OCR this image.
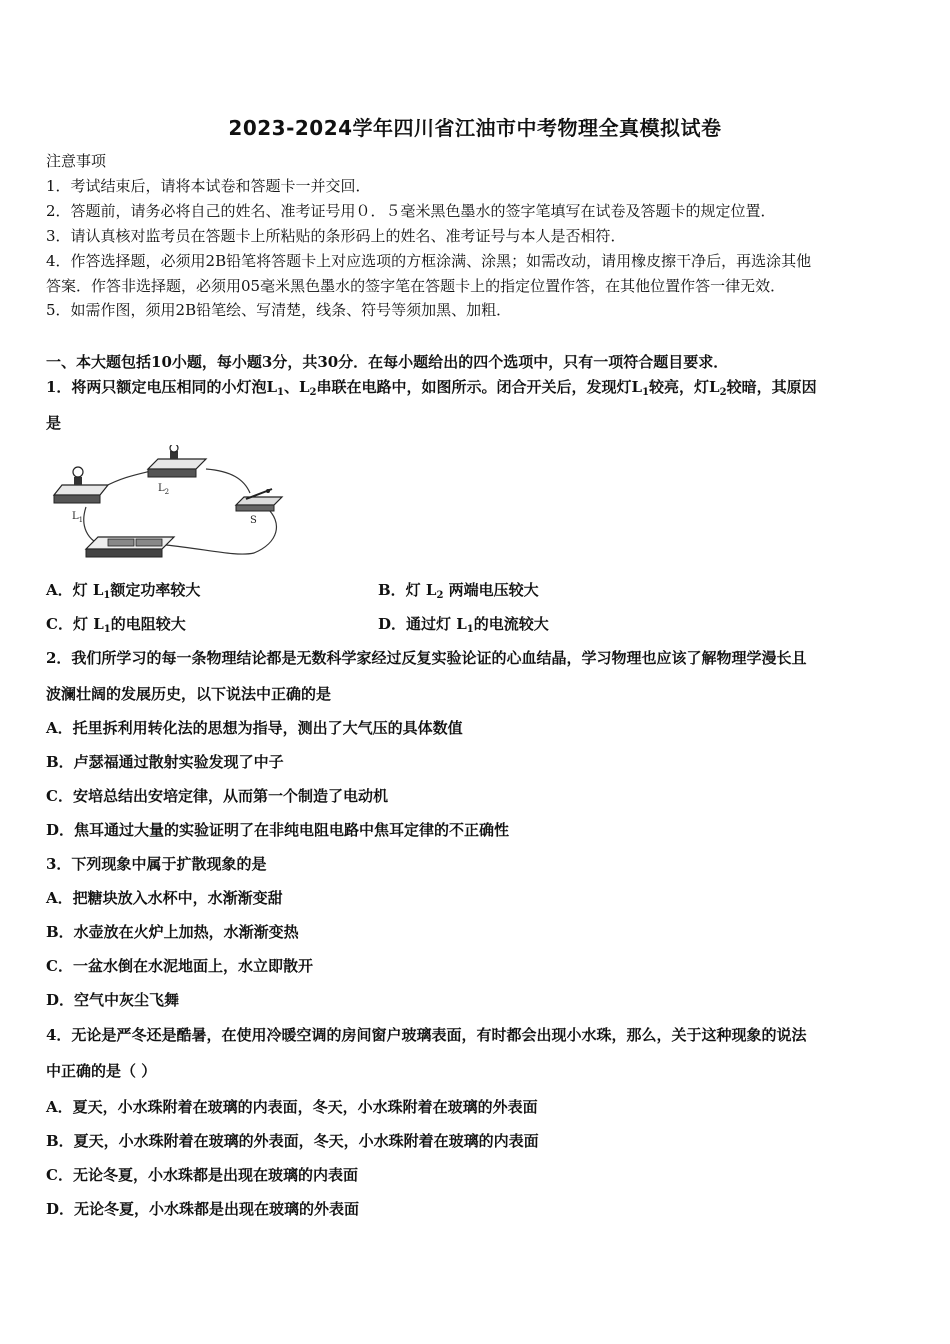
2023-2024学年四川省江油市中考物理全真模拟试卷
注意事项
1．考试结束后，请将本试卷和答题卡一并交回．
2．答题前，请务必将自己的姓名、准考证号用０．５毫米黑色墨水的签字笔填写在试卷及答题卡的规定位置．
3．请认真核对监考员在答题卡上所粘贴的条形码上的姓名、准考证号与本人是否相符．
4．作答选择题，必须用2B铅笔将答题卡上对应选项的方框涂满、涂黑；如需改动，请用橡皮擦干净后，再选涂其他
答案．作答非选择题，必须用05毫米黑色墨水的签字笔在答题卡上的指定位置作答，在其他位置作答一律无效．
5．如需作图，须用2B铅笔绘、写清楚，线条、符号等须加黑、加粗．
一、本大题包括10小题，每小题3分，共30分．在每小题给出的四个选项中，只有一项符合题目要求．
1．将两只额定电压相同的小灯泡$L_1$、$L_2$串联在电路中，如图所示。闭合开关后，发现灯$L_1$较亮，灯$L_2$较暗，其原因
是
$L_1$
$L_2$
S
A．灯 $L_1$额定功率较大	B．灯 $L_2$ 两端电压较大
C．灯 $L_1$的电阻较大	D．通过灯 $L_1$的电流较大
2．我们所学习的每一条物理结论都是无数科学家经过反复实验论证的心血结晶，学习物理也应该了解物理学漫长且
波澜壮阔的发展历史，以下说法中正确的是
A．托里拆利用转化法的思想为指导，测出了大气压的具体数值
B．卢瑟福通过散射实验发现了中子
C．安培总结出安培定律，从而第一个制造了电动机
D．焦耳通过大量的实验证明了在非纯电阻电路中焦耳定律的不正确性
3．下列现象中属于扩散现象的是
A．把糖块放入水杯中，水渐渐变甜
B．水壶放在火炉上加热，水渐渐变热
C．一盆水倒在水泥地面上，水立即散开
D．空气中灰尘飞舞
4．无论是严冬还是酷暑，在使用冷暖空调的房间窗户玻璃表面，有时都会出现小水珠，那么，关于这种现象的说法
中正确的是（ ）
A．夏天，小水珠附着在玻璃的内表面，冬天，小水珠附着在玻璃的外表面
B．夏天，小水珠附着在玻璃的外表面，冬天，小水珠附着在玻璃的内表面
C．无论冬夏，小水珠都是出现在玻璃的内表面
D．无论冬夏，小水珠都是出现在玻璃的外表面
